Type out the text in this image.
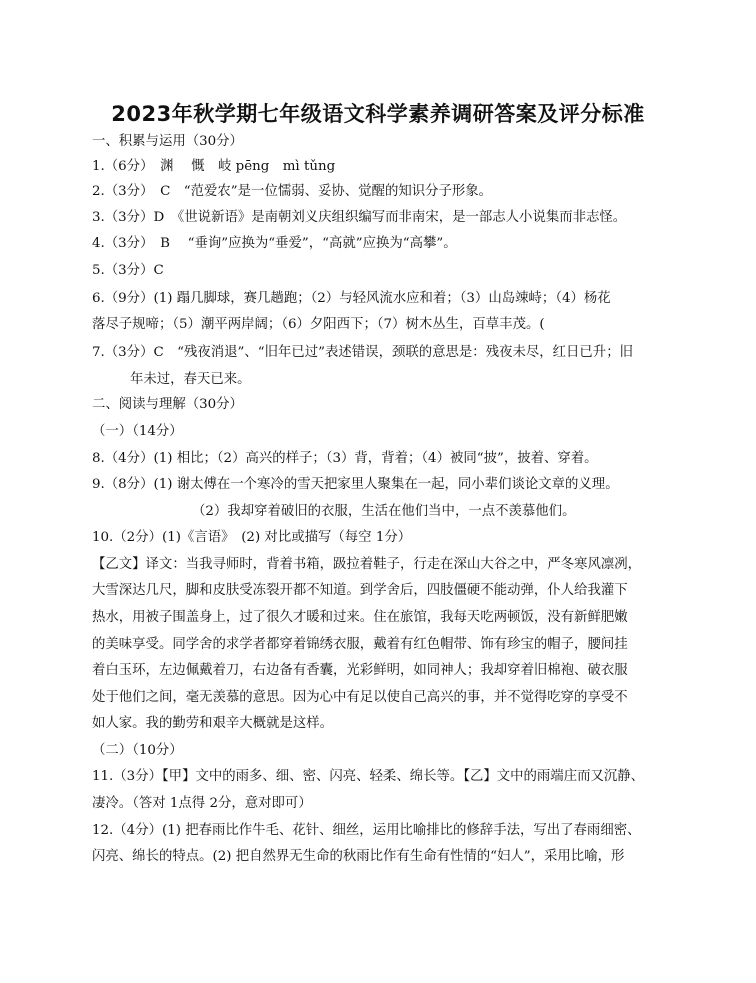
2023年秋学期七年级语文科学素养调研答案及评分标准
一、积累与运用（30分）
1.（6分）　渊　 慨　岐 pēng　mì tǔng
2.（3分）　C　“范爱农”是一位懦弱、妥协、觉醒的知识分子形象。
3.（3分）D　《世说新语》是南朝刘义庆组织编写而非南宋，是一部志人小说集而非志怪。
4.（3分）　B　 “垂询”应换为“垂爱”，“高就”应换为“高攀”。
5.（3分）C
6.（9分）(1) 蹋几脚球，赛几趟跑；（2）与轻风流水应和着；（3）山岛竦峙；（4）杨花
落尽子规啼；（5）潮平两岸阔；（6）夕阳西下；（7）树木丛生，百草丰茂。(
7.（3分）C　“残夜消退”、“旧年已过”表述错误，颈联的意思是：残夜未尽，红日已升；旧
年未过，春天已来。
二、阅读与理解（30分）
（一）（14分）
8.（4分）(1) 相比；（2）高兴的样子；（3）背，背着；（4）被同“披”，披着、穿着。
9.（8分）(1) 谢太傅在一个寒冷的雪天把家里人聚集在一起，同小辈们谈论文章的义理。
（2）我却穿着破旧的衣服，生活在他们当中，一点不羡慕他们。
10.（2分）(1)《言语》　(2) 对比或描写（每空 1分）
【乙文】译文：当我寻师时，背着书箱，趿拉着鞋子，行走在深山大谷之中，严冬寒风凛冽，
大雪深达几尺，脚和皮肤受冻裂开都不知道。到学舍后，四肢僵硬不能动弹，仆人给我灌下
热水，用被子围盖身上，过了很久才暖和过来。住在旅馆，我每天吃两顿饭，没有新鲜肥嫩
的美味享受。同学舍的求学者都穿着锦绣衣服，戴着有红色帽带、饰有珍宝的帽子，腰间挂
着白玉环，左边佩戴着刀，右边备有香囊，光彩鲜明，如同神人；我却穿着旧棉袍、破衣服
处于他们之间，毫无羡慕的意思。因为心中有足以使自己高兴的事，并不觉得吃穿的享受不
如人家。我的勤劳和艰辛大概就是这样。
（二）（10分）
11.（3分）【甲】文中的雨多、细、密、闪亮、轻柔、绵长等。【乙】文中的雨端庄而又沉静、
凄冷。（答对 1点得 2分，意对即可）
12.（4分）(1) 把春雨比作牛毛、花针、细丝，运用比喻排比的修辞手法，写出了春雨细密、
闪亮、绵长的特点。(2) 把自然界无生命的秋雨比作有生命有性情的“妇人”，采用比喻，形
